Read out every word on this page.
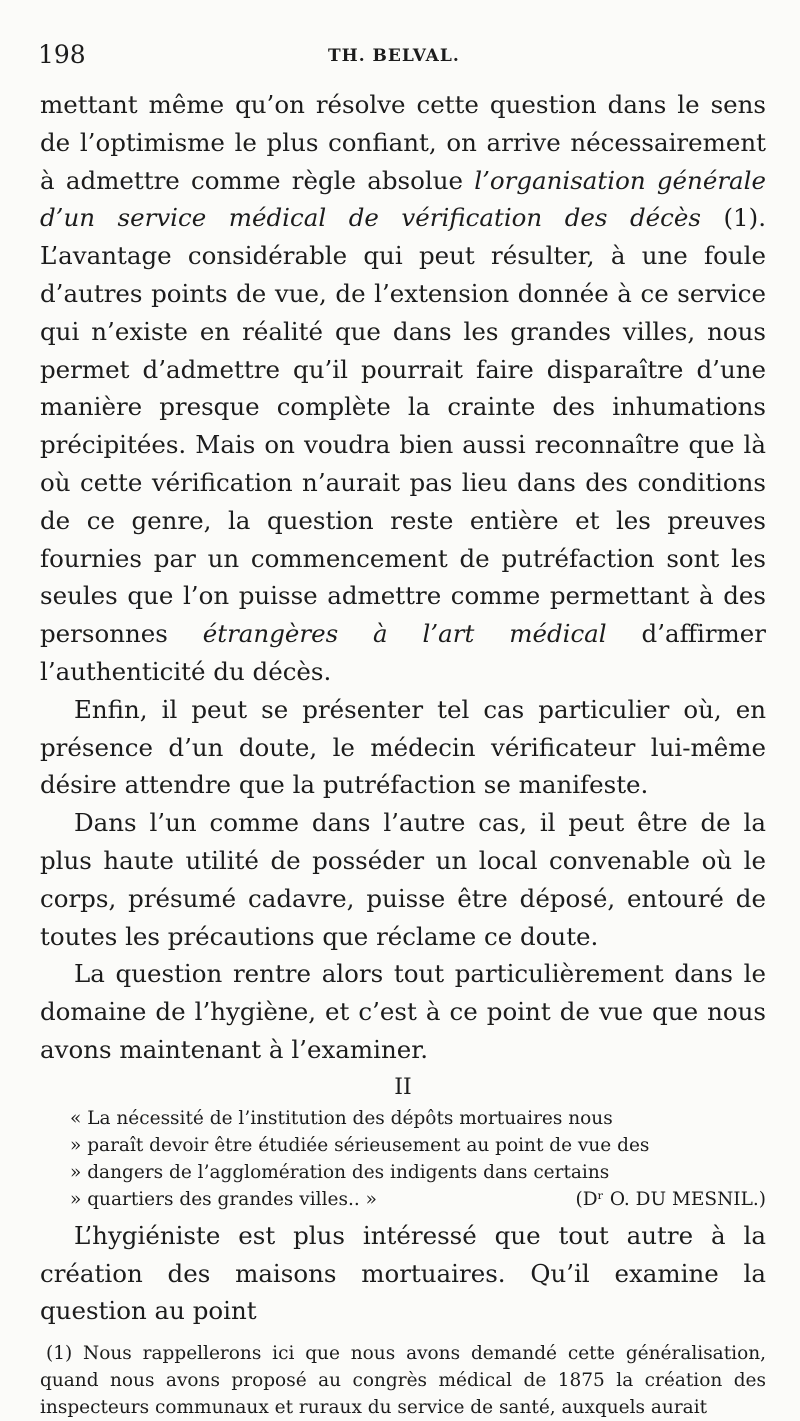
198	TH. BELVAL.

mettant même qu’on résolve cette question dans le sens de l’optimisme le plus confiant, on arrive nécessairement à admettre comme règle absolue l’organisation générale d’un service médical de vérification des décès (1). L’avantage considérable qui peut résulter, à une foule d’autres points de vue, de l’extension donnée à ce service qui n’existe en réalité que dans les grandes villes, nous permet d’admettre qu’il pourrait faire disparaître d’une manière presque complète la crainte des inhumations précipitées. Mais on voudra bien aussi reconnaître que là où cette vérification n’aurait pas lieu dans des conditions de ce genre, la question reste entière et les preuves fournies par un commencement de putréfaction sont les seules que l’on puisse admettre comme permettant à des personnes étrangères à l’art médical d’affirmer l’authenticité du décès.

Enfin, il peut se présenter tel cas particulier où, en présence d’un doute, le médecin vérificateur lui-même désire attendre que la putréfaction se manifeste.

Dans l’un comme dans l’autre cas, il peut être de la plus haute utilité de posséder un local convenable où le corps, présumé cadavre, puisse être déposé, entouré de toutes les précautions que réclame ce doute.

La question rentre alors tout particulièrement dans le domaine de l’hygiène, et c’est à ce point de vue que nous avons maintenant à l’examiner.

II

« La nécessité de l’institution des dépôts mortuaires nous
» paraît devoir être étudiée sérieusement au point de vue des
» dangers de l’agglomération des indigents dans certains
» quartiers des grandes villes.. »	(Dʳ O. DU MESNIL.)

L’hygiéniste est plus intéressé que tout autre à la création des maisons mortuaires. Qu’il examine la question au point

(1) Nous rappellerons ici que nous avons demandé cette généralisation, quand nous avons proposé au congrès médical de 1875 la création des inspecteurs communaux et ruraux du service de santé, auxquels aurait
